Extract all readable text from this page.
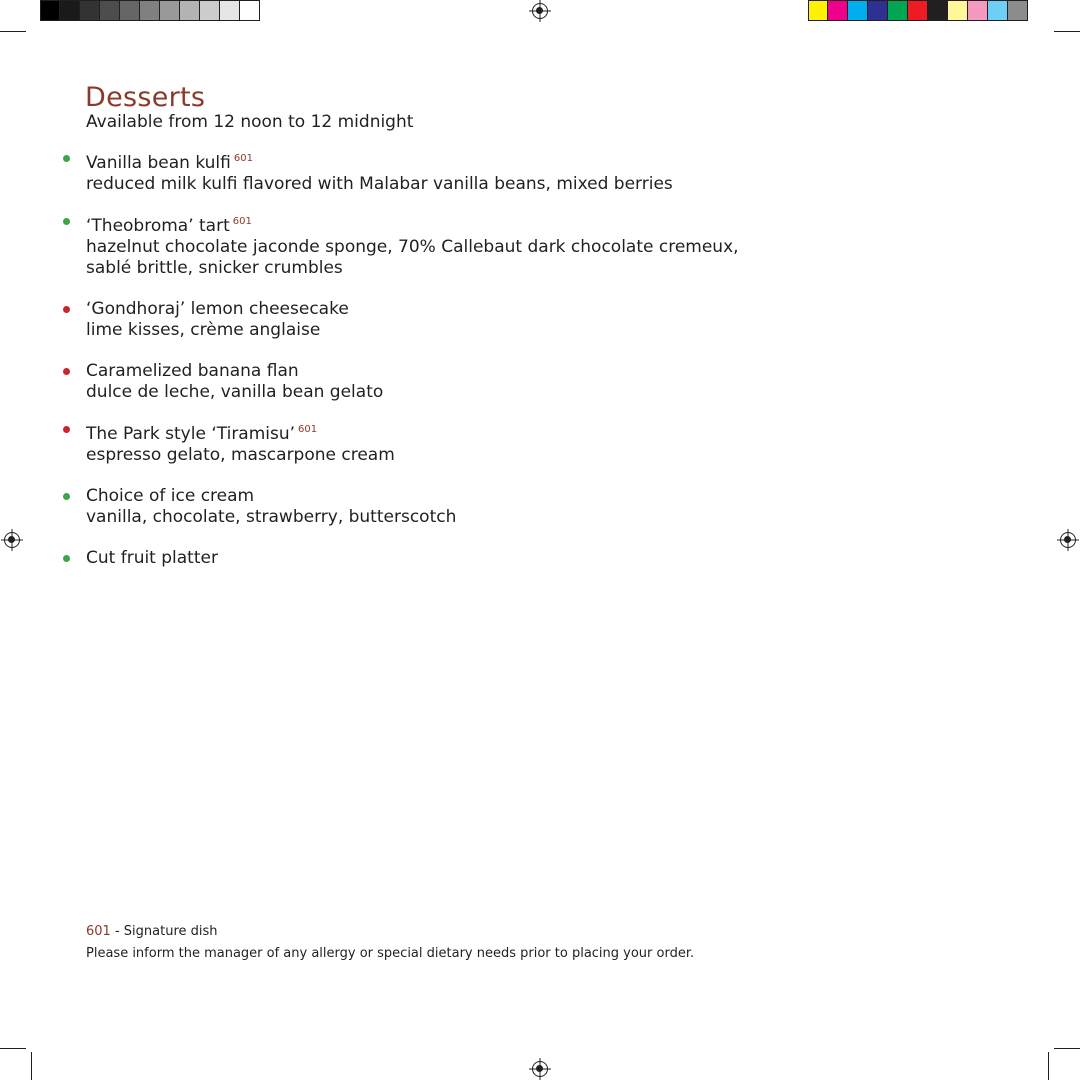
Desserts
Available from 12 noon to 12 midnight
Vanilla bean kulfi $^{601}$
reduced milk kulfi flavored with Malabar vanilla beans, mixed berries
‘Theobroma’ tart $^{601}$
hazelnut chocolate jaconde sponge, 70% Callebaut dark chocolate cremeux,
sablé brittle, snicker crumbles
‘Gondhoraj’ lemon cheesecake
lime kisses, crème anglaise
Caramelized banana flan
dulce de leche, vanilla bean gelato
The Park style ‘Tiramisu’ $^{601}$
espresso gelato, mascarpone cream
Choice of ice cream
vanilla, chocolate, strawberry, butterscotch
Cut fruit platter
601 - Signature dish
Please inform the manager of any allergy or special dietary needs prior to placing your order.
